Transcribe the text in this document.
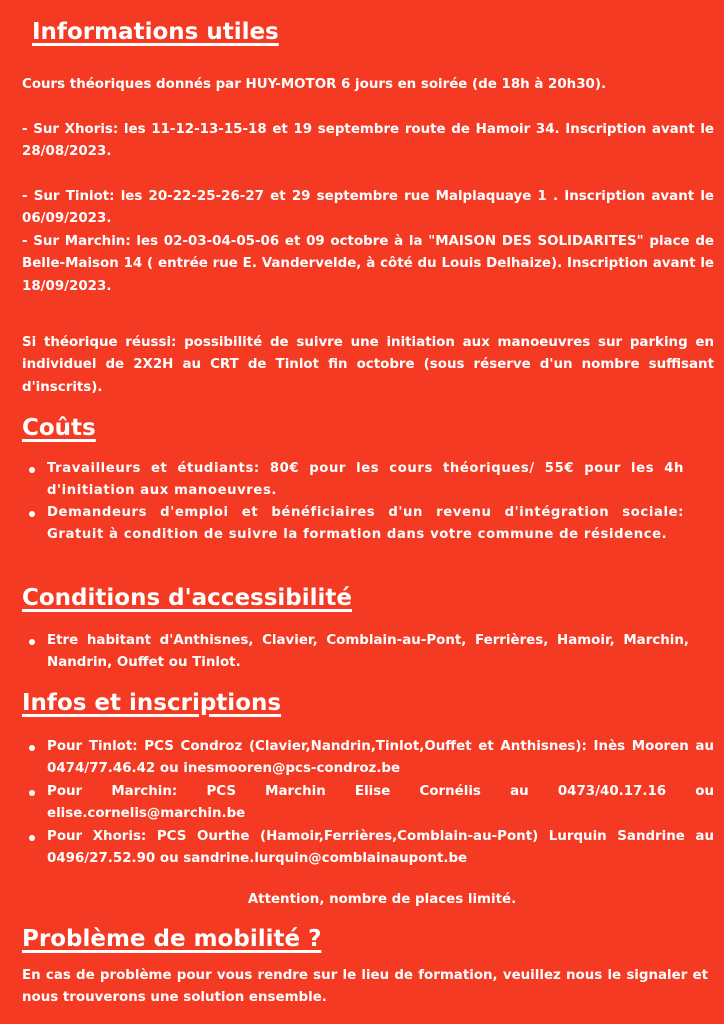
Informations utiles

Cours théoriques donnés par HUY-MOTOR 6 jours en soirée (de 18h à 20h30).

- Sur Xhoris: les 11-12-13-15-18 et 19 septembre route de Hamoir 34. Inscription avant le 28/08/2023.

- Sur Tinlot: les 20-22-25-26-27 et 29 septembre rue Malplaquaye 1 . Inscription avant le 06/09/2023.

- Sur Marchin: les 02-03-04-05-06 et 09 octobre à la "MAISON DES SOLIDARITES" place de Belle-Maison 14 ( entrée rue E. Vandervelde, à côté du Louis Delhaize). Inscription avant le 18/09/2023.

Si théorique réussi: possibilité de suivre une initiation aux manoeuvres sur parking en individuel de 2X2H au CRT de Tinlot fin octobre (sous réserve d'un nombre suffisant d'inscrits).

Coûts
Travailleurs et étudiants: 80€ pour les cours théoriques/ 55€ pour les 4h d'initiation aux manoeuvres.
Demandeurs d'emploi et bénéficiaires d'un revenu d'intégration sociale: Gratuit à condition de suivre la formation dans votre commune de résidence.
Conditions d'accessibilité
Etre habitant d'Anthisnes, Clavier, Comblain-au-Pont, Ferrières, Hamoir, Marchin, Nandrin, Ouffet ou Tinlot.
Infos et inscriptions
Pour Tinlot: PCS Condroz (Clavier,Nandrin,Tinlot,Ouffet et Anthisnes): Inès Mooren au 0474/77.46.42 ou inesmooren@pcs-condroz.be
Pour Marchin: PCS Marchin Elise Cornélis au 0473/40.17.16 ou elise.cornelis@marchin.be
Pour Xhoris: PCS Ourthe (Hamoir,Ferrières,Comblain-au-Pont) Lurquin Sandrine au 0496/27.52.90 ou sandrine.lurquin@comblainaupont.be
Attention, nombre de places limité.
Problème de mobilité ?

En cas de problème pour vous rendre sur le lieu de formation, veuillez nous le signaler et nous trouverons une solution ensemble.
